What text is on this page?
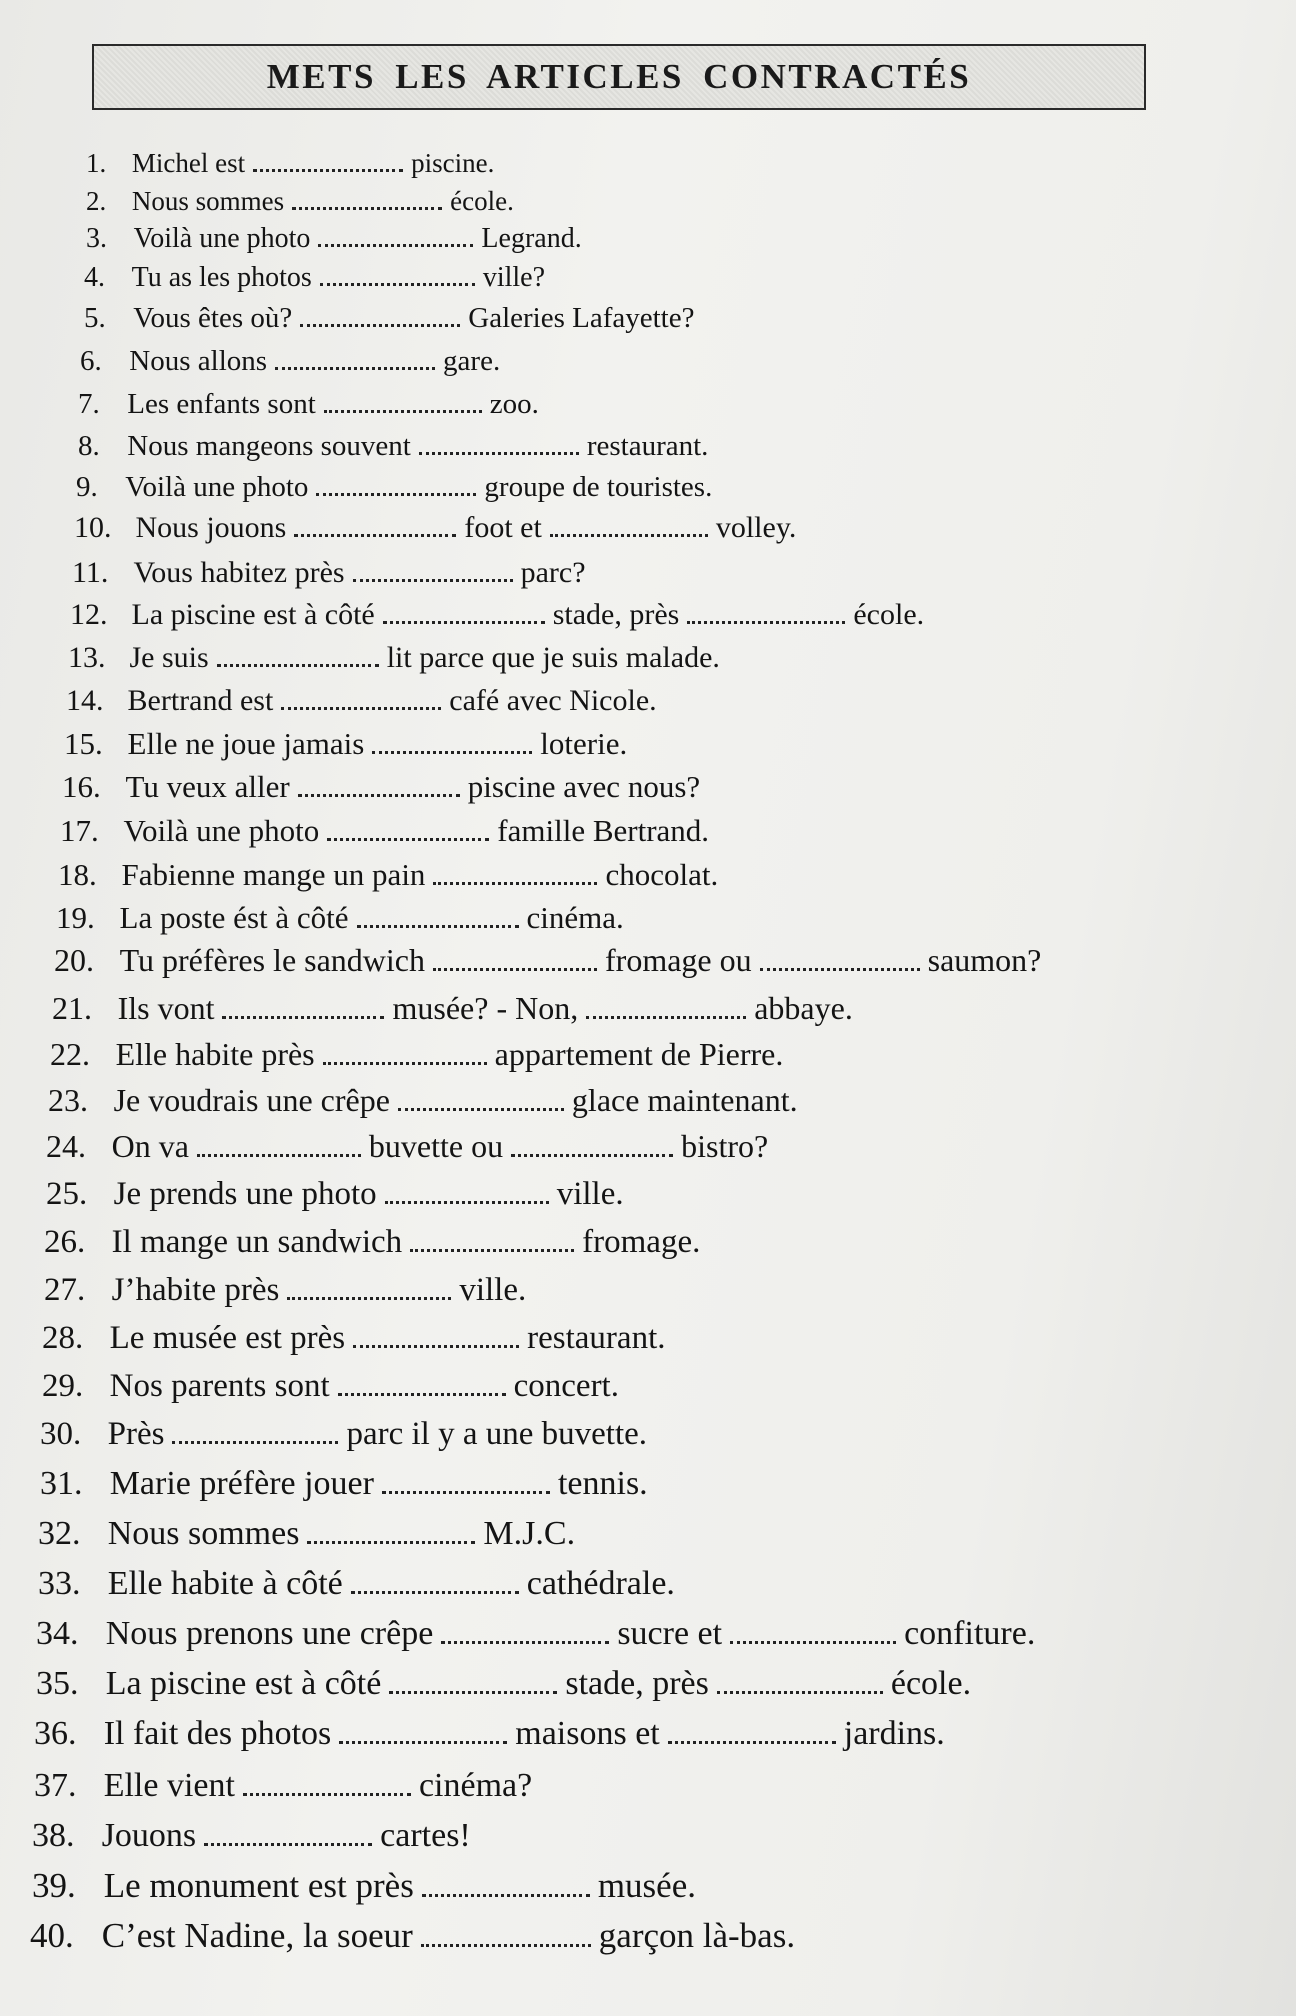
METS LES ARTICLES CONTRACTÉS
1. Michel est	piscine.
2. Nous sommes	école.
3. Voilà une photo	Legrand.
4. Tu as les photos	ville?
5. Vous êtes où?	Galeries Lafayette?
6. Nous allons	gare.
7. Les enfants sont	zoo.
8. Nous mangeons souvent	restaurant.
9. Voilà une photo	groupe de touristes.
10. Nous jouons	foot et	volley.
11. Vous habitez près	parc?
12. La piscine est à côté	stade, près	école.
13. Je suis	lit parce que je suis malade.
14. Bertrand est	café avec Nicole.
15. Elle ne joue jamais	loterie.
16. Tu veux aller	piscine avec nous?
17. Voilà une photo	famille Bertrand.
18. Fabienne mange un pain	chocolat.
19. La poste ést à côté	cinéma.
20. Tu préfères le sandwich	fromage ou	saumon?
21. Ils vont	musée? - Non,	abbaye.
22. Elle habite près	appartement de Pierre.
23. Je voudrais une crêpe	glace maintenant.
24. On va	buvette ou	bistro?
25. Je prends une photo	ville.
26. Il mange un sandwich	fromage.
27. J’habite près	ville.
28. Le musée est près	restaurant.
29. Nos parents sont	concert.
30. Près	parc il y a une buvette.
31. Marie préfère jouer	tennis.
32. Nous sommes	M.J.C.
33. Elle habite à côté	cathédrale.
34. Nous prenons une crêpe	sucre et	confiture.
35. La piscine est à côté	stade, près	école.
36. Il fait des photos	maisons et	jardins.
37. Elle vient	cinéma?
38. Jouons	cartes!
39. Le monument est près	musée.
40. C’est Nadine, la soeur	garçon là-bas.
